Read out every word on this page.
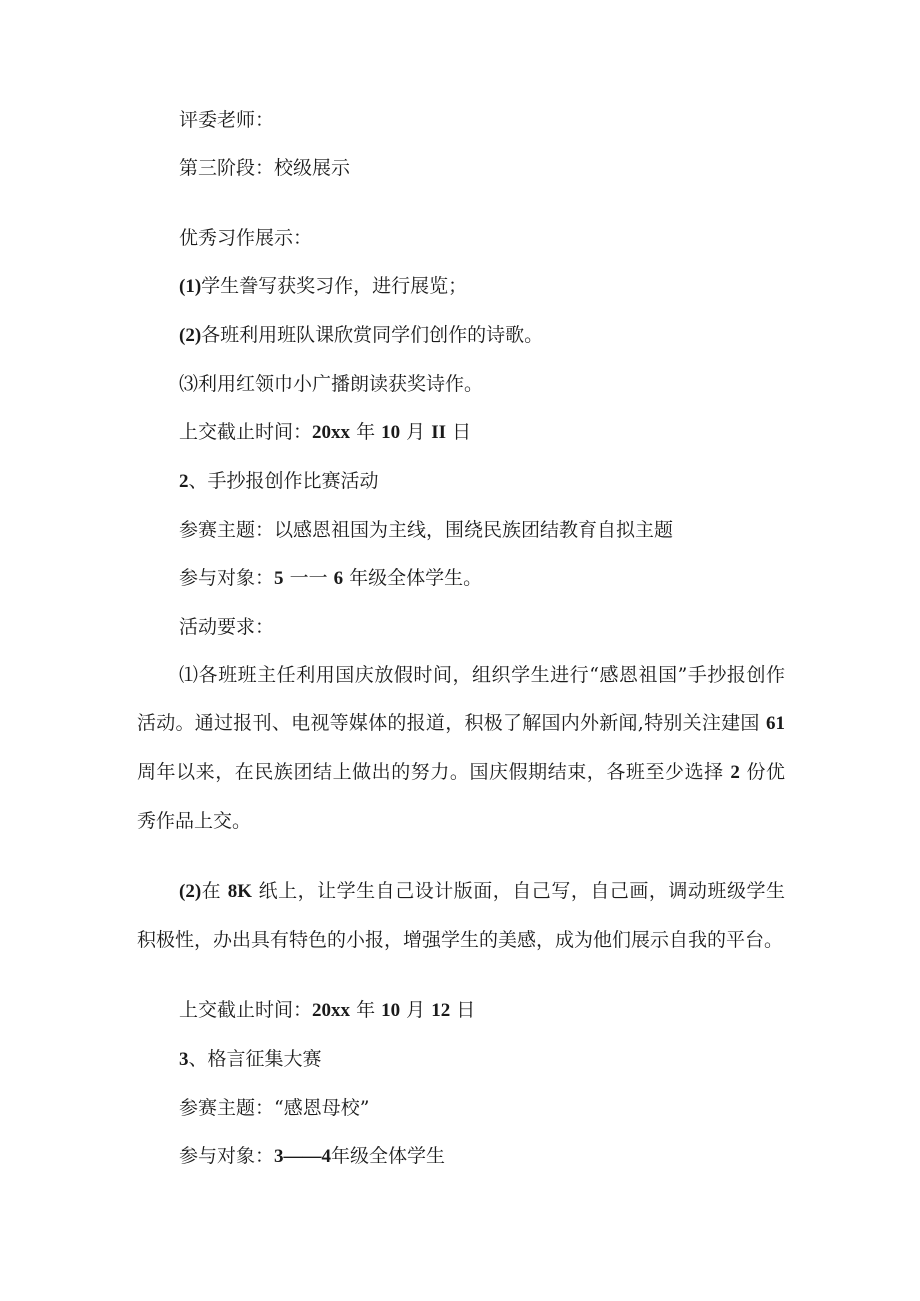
评委老师：

第三阶段：校级展示

优秀习作展示：

(1)学生誊写获奖习作，进行展览；

(2)各班利用班队课欣赏同学们创作的诗歌。

⑶利用红领巾小广播朗读获奖诗作。

上交截止时间：20xx 年 10 月 II 日

2、手抄报创作比赛活动

参赛主题：以感恩祖国为主线，围绕民族团结教育自拟主题

参与对象：5 一一 6 年级全体学生。

活动要求：

⑴各班班主任利用国庆放假时间，组织学生进行“感恩祖国”手抄报创作活动。通过报刊、电视等媒体的报道，积极了解国内外新闻,特别关注建国 61 周年以来，在民族团结上做出的努力。国庆假期结束，各班至少选择 2 份优秀作品上交。

(2)在 8K 纸上，让学生自己设计版面，自己写，自己画，调动班级学生积极性，办出具有特色的小报，增强学生的美感，成为他们展示自我的平台。

上交截止时间：20xx 年 10 月 12 日

3、格言征集大赛

参赛主题：“感恩母校”

参与对象：3——4年级全体学生
